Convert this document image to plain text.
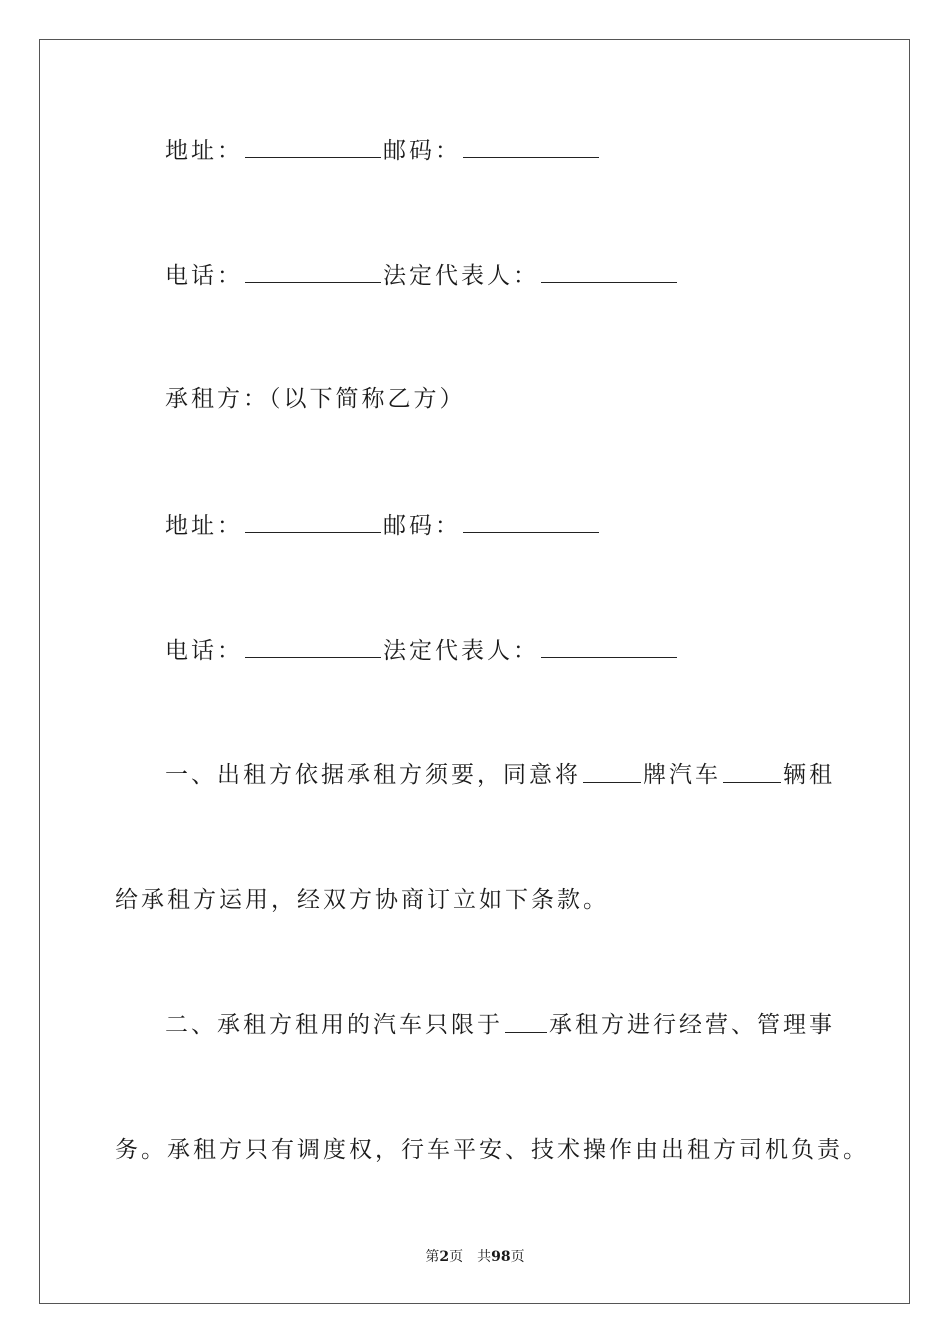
地址：	邮码：
电话：	法定代表人：
承租方：（以下简称乙方）
地址：	邮码：
电话：	法定代表人：
一、出租方依据承租方须要，同意将	牌汽车	辆租
给承租方运用，经双方协商订立如下条款。
二、承租方租用的汽车只限于 承租方进行经营、管理事
务。承租方只有调度权，行车平安、技术操作由出租方司机负责。
第2页　共98页
